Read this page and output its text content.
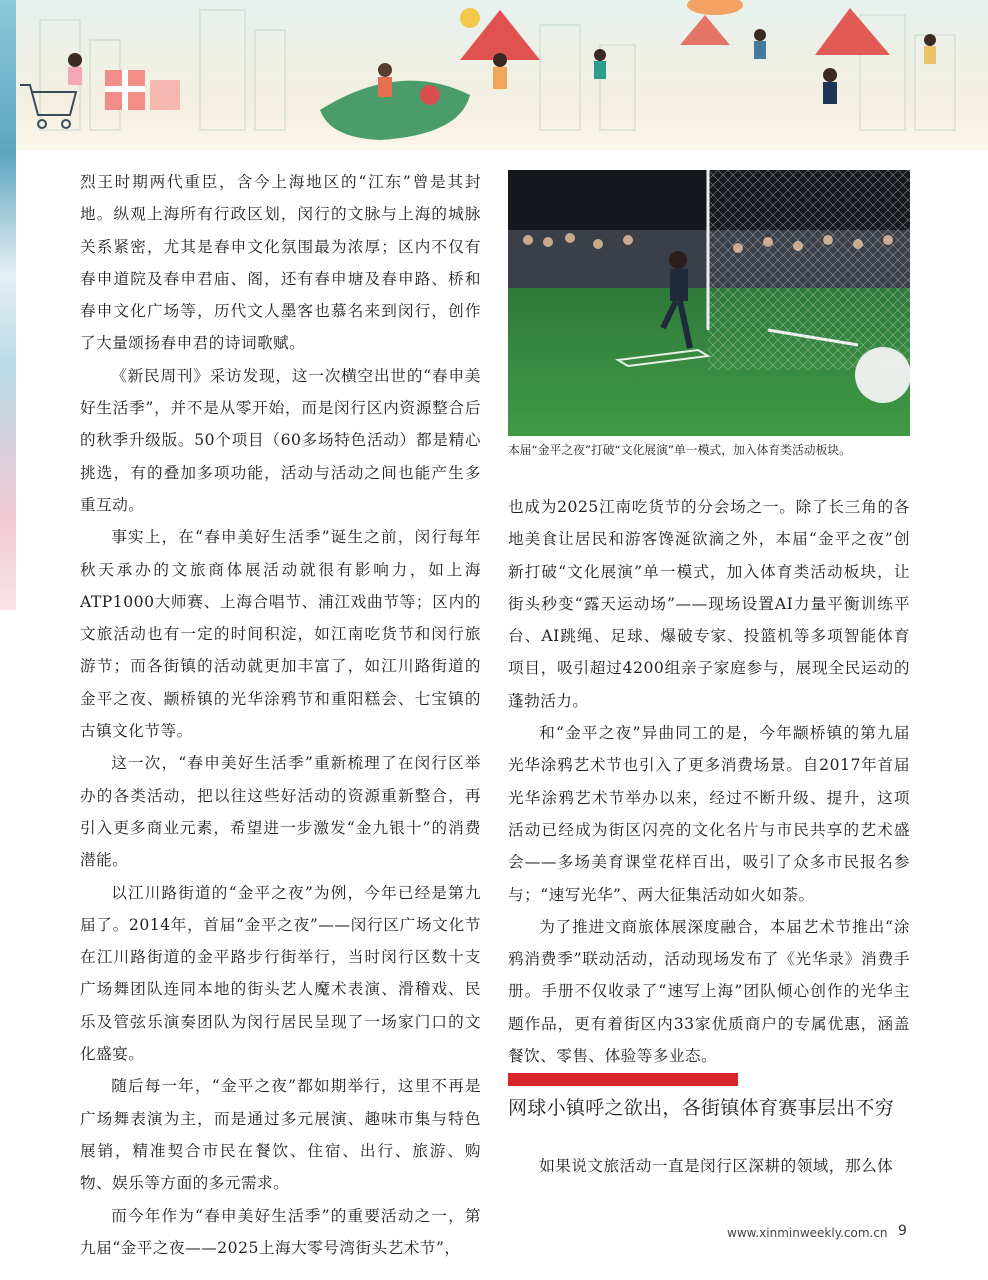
烈王时期两代重臣，含今上海地区的“江东”曾是其封地。纵观上海所有行政区划，闵行的文脉与上海的城脉关系紧密，尤其是春申文化氛围最为浓厚；区内不仅有春申道院及春申君庙、阁，还有春申塘及春申路、桥和春申文化广场等，历代文人墨客也慕名来到闵行，创作了大量颂扬春申君的诗词歌赋。

《新民周刊》采访发现，这一次横空出世的“春申美好生活季”，并不是从零开始，而是闵行区内资源整合后的秋季升级版。50个项目（60多场特色活动）都是精心挑选，有的叠加多项功能，活动与活动之间也能产生多重互动。

事实上，在“春申美好生活季”诞生之前，闵行每年秋天承办的文旅商体展活动就很有影响力，如上海ATP1000大师赛、上海合唱节、浦江戏曲节等；区内的文旅活动也有一定的时间积淀，如江南吃货节和闵行旅游节；而各街镇的活动就更加丰富了，如江川路街道的金平之夜、颛桥镇的光华涂鸦节和重阳糕会、七宝镇的古镇文化节等。

这一次，“春申美好生活季”重新梳理了在闵行区举办的各类活动，把以往这些好活动的资源重新整合，再引入更多商业元素，希望进一步激发“金九银十”的消费潜能。

以江川路街道的“金平之夜”为例，今年已经是第九届了。2014年，首届“金平之夜”——闵行区广场文化节在江川路街道的金平路步行街举行，当时闵行区数十支广场舞团队连同本地的街头艺人魔术表演、滑稽戏、民乐及管弦乐演奏团队为闵行居民呈现了一场家门口的文化盛宴。

随后每一年，“金平之夜”都如期举行，这里不再是广场舞表演为主，而是通过多元展演、趣味市集与特色展销，精准契合市民在餐饮、住宿、出行、旅游、购物、娱乐等方面的多元需求。

而今年作为“春申美好生活季”的重要活动之一，第九届“金平之夜——2025上海大零号湾街头艺术节”，

本届“金平之夜”打破“文化展演”单一模式，加入体育类活动板块。

也成为2025江南吃货节的分会场之一。除了长三角的各地美食让居民和游客馋涎欲滴之外，本届“金平之夜”创新打破“文化展演”单一模式，加入体育类活动板块，让街头秒变“露天运动场”——现场设置AI力量平衡训练平台、AI跳绳、足球、爆破专家、投篮机等多项智能体育项目，吸引超过4200组亲子家庭参与，展现全民运动的蓬勃活力。

和“金平之夜”异曲同工的是，今年颛桥镇的第九届光华涂鸦艺术节也引入了更多消费场景。自2017年首届光华涂鸦艺术节举办以来，经过不断升级、提升，这项活动已经成为街区闪亮的文化名片与市民共享的艺术盛会——多场美育课堂花样百出，吸引了众多市民报名参与；“速写光华”、两大征集活动如火如荼。

为了推进文商旅体展深度融合，本届艺术节推出“涂鸦消费季”联动活动，活动现场发布了《光华录》消费手册。手册不仅收录了“速写上海”团队倾心创作的光华主题作品，更有着街区内33家优质商户的专属优惠，涵盖餐饮、零售、体验等多业态。

网球小镇呼之欲出，各街镇体育赛事层出不穷

如果说文旅活动一直是闵行区深耕的领域，那么体

www.xinminweekly.com.cn 9
